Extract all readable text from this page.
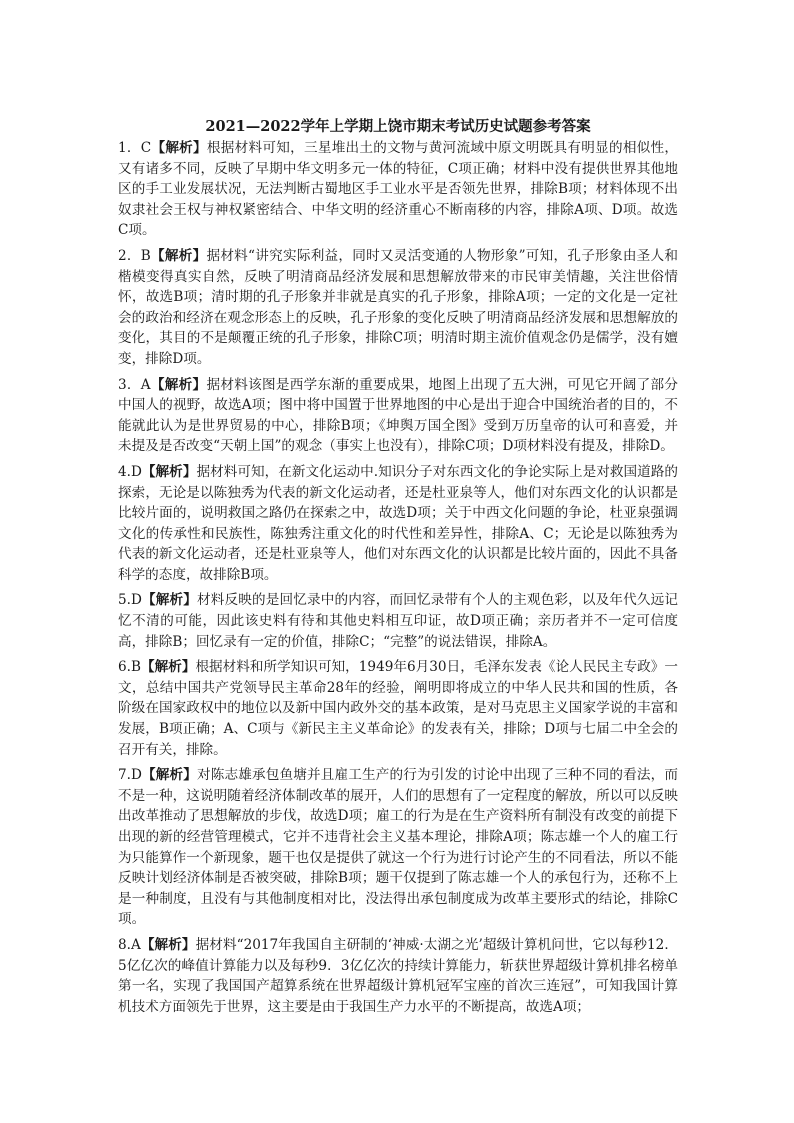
2021—2022学年上学期上饶市期末考试历史试题参考答案

1．C【解析】根据材料可知，三星堆出土的文物与黄河流域中原文明既具有明显的相似性，又有诸多不同，反映了早期中华文明多元一体的特征，C项正确；材料中没有提供世界其他地区的手工业发展状况，无法判断古蜀地区手工业水平是否领先世界，排除B项；材料体现不出奴隶社会王权与神权紧密结合、中华文明的经济重心不断南移的内容，排除A项、D项。故选C项。

2．B【解析】据材料“讲究实际利益，同时又灵活变通的人物形象”可知，孔子形象由圣人和楷模变得真实自然，反映了明清商品经济发展和思想解放带来的市民审美情趣，关注世俗情怀，故选B项；清时期的孔子形象并非就是真实的孔子形象，排除A项；一定的文化是一定社会的政治和经济在观念形态上的反映，孔子形象的变化反映了明清商品经济发展和思想解放的变化，其目的不是颠覆正统的孔子形象，排除C项；明清时期主流价值观念仍是儒学，没有嬗变，排除D项。

3．A【解析】据材料该图是西学东渐的重要成果，地图上出现了五大洲，可见它开阔了部分中国人的视野，故选A项；图中将中国置于世界地图的中心是出于迎合中国统治者的目的，不能就此认为是世界贸易的中心，排除B项；《坤舆万国全图》受到万历皇帝的认可和喜爱，并未提及是否改变“天朝上国”的观念（事实上也没有），排除C项；D项材料没有提及，排除D。

4.D【解析】据材料可知，在新文化运动中.知识分子对东西文化的争论实际上是对救国道路的探索，无论是以陈独秀为代表的新文化运动者，还是杜亚泉等人，他们对东西文化的认识都是比较片面的，说明救国之路仍在探索之中，故选D项；关于中西文化问题的争论，杜亚泉强调文化的传承性和民族性，陈独秀注重文化的时代性和差异性，排除A、C；无论是以陈独秀为代表的新文化运动者，还是杜亚泉等人，他们对东西文化的认识都是比较片面的，因此不具备科学的态度，故排除B项。

5.D【解析】材料反映的是回忆录中的内容，而回忆录带有个人的主观色彩，以及年代久远记忆不清的可能，因此该史料有待和其他史料相互印证，故D项正确；亲历者并不一定可信度高，排除B；回忆录有一定的价值，排除C；“完整”的说法错误，排除A。

6.B【解析】根据材料和所学知识可知，1949年6月30日，毛泽东发表《论人民民主专政》一文，总结中国共产党领导民主革命28年的经验，阐明即将成立的中华人民共和国的性质，各阶级在国家政权中的地位以及新中国内政外交的基本政策，是对马克思主义国家学说的丰富和发展，B项正确；A、C项与《新民主主义革命论》的发表有关，排除；D项与七届二中全会的召开有关，排除。

7.D【解析】对陈志雄承包鱼塘并且雇工生产的行为引发的讨论中出现了三种不同的看法，而不是一种，这说明随着经济体制改革的展开，人们的思想有了一定程度的解放，所以可以反映出改革推动了思想解放的步伐，故选D项；雇工的行为是在生产资料所有制没有改变的前提下出现的新的经营管理模式，它并不违背社会主义基本理论，排除A项；陈志雄一个人的雇工行为只能算作一个新现象，题干也仅是提供了就这一个行为进行讨论产生的不同看法，所以不能反映计划经济体制是否被突破，排除B项；题干仅提到了陈志雄一个人的承包行为，还称不上是一种制度，且没有与其他制度相对比，没法得出承包制度成为改革主要形式的结论，排除C项。

8.A【解析】据材料“2017年我国自主研制的‘神威·太湖之光’超级计算机问世，它以每秒12．5亿亿次的峰值计算能力以及每秒9．3亿亿次的持续计算能力，斩获世界超级计算机排名榜单第一名，实现了我国国产超算系统在世界超级计算机冠军宝座的首次三连冠”，可知我国计算机技术方面领先于世界，这主要是由于我国生产力水平的不断提高，故选A项；
